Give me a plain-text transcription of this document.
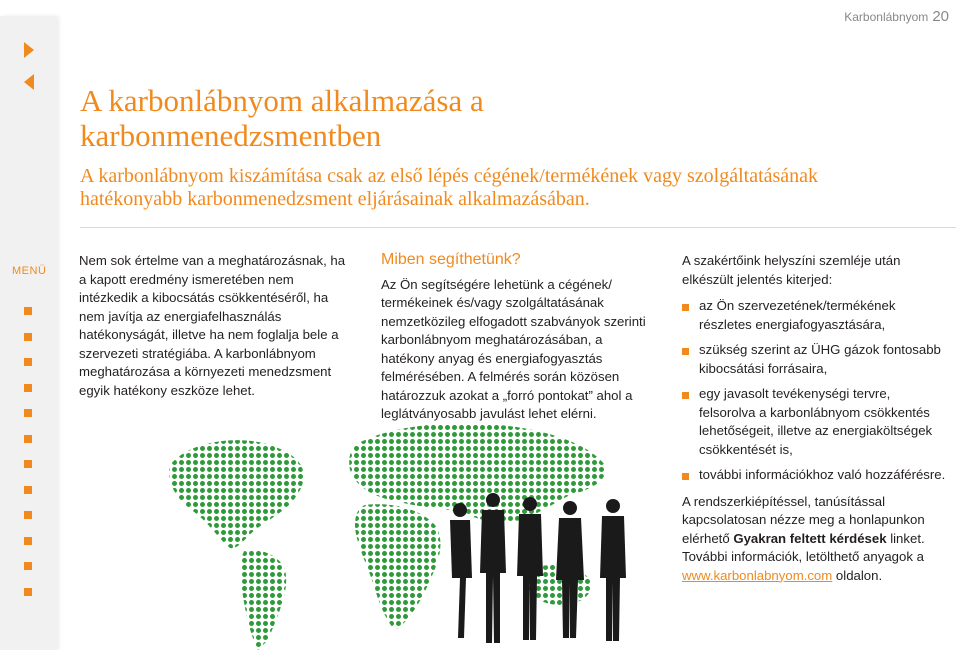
MENÜ
Karbonlábnyom 20
A karbonlábnyom alkalmazása a
karbonmenedzsmentben

A karbonlábnyom kiszámítása csak az első lépés cégének/termékének vagy szolgáltatásának hatékonyabb karbonmenedzsment eljárásainak alkalmazásában.

Nem sok értelme van a meghatározásnak, ha a kapott eredmény ismeretében nem intézkedik a kibocsátás csökkentéséről, ha nem javítja az energiafelhasználás hatékonyságát, illetve ha nem foglalja bele a szervezeti stratégiába. A karbonlábnyom meghatározása a környezeti menedzsment egyik hatékony eszköze lehet.

Miben segíthetünk?

Az Ön segítségére lehetünk a cégének/ termékeinek és/vagy szolgáltatásának nemzetközileg elfogadott szabványok szerinti karbonlábnyom meghatározásában, a hatékony anyag és energiafogyasztás felmérésében. A felmérés során közösen határozzuk azokat a „forró pontokat” ahol a leglátványosabb javulást lehet elérni.

A szakértőink helyszíni szemléje után elkészült jelentés kiterjed:

az Ön szervezetének/termékének részletes energiafogyasztására,
szükség szerint az ÜHG gázok fontosabb kibocsátási forrásaira,
egy javasolt tevékenységi tervre, felsorolva a karbonlábnyom csökkentés lehetőségeit, illetve az energiaköltségek csökkentését is,
további információkhoz való hozzáférésre.

A rendszerkiépítéssel, tanúsítással kapcsolatosan nézze meg a honlapunkon elérhető Gyakran feltett kérdések linket. További információk, letölthető anyagok a www.karbonlabnyom.com oldalon.
